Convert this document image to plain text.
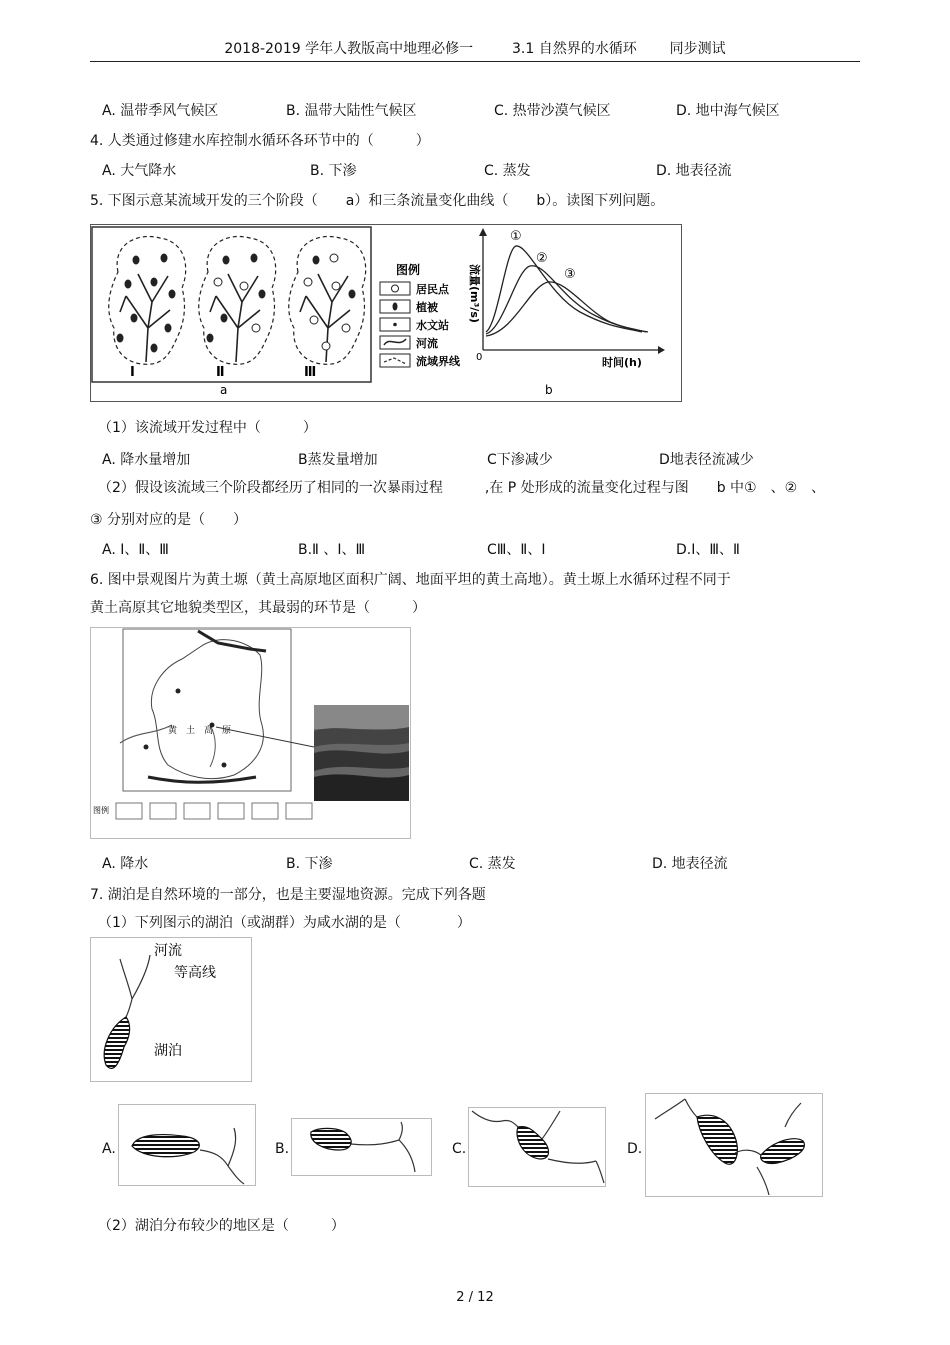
2018-2019 学年人教版高中地理必修一	3.1 自然界的水循环 同步测试
A. 温带季风气候区	B. 温带大陆性气候区	C. 热带沙漠气候区	D. 地中海气候区
4. 人类通过修建水库控制水循环各环节中的（　　　）
A. 大气降水	B. 下渗	C. 蒸发	D. 地表径流
5. 下图示意某流域开发的三个阶段（　　a）和三条流量变化曲线（　　b）。读图下列问题。
Ⅰ	Ⅱ	Ⅲ
图例
居民点
植被
水文站
河流
流域界线 0	时间(h)
流量(m³/s)
①
②
③
a	b
（1）该流域开发过程中（　　　）
A. 降水量增加	B蒸发量增加	C下渗减少	D地表径流减少
（2）假设该流域三个阶段都经历了相同的一次暴雨过程　　　,在 P 处形成的流量变化过程与图　　b 中①　、②　、
③ 分别对应的是（　　）
A. Ⅰ、Ⅱ、Ⅲ	B.Ⅱ 、Ⅰ、Ⅲ	CⅢ、Ⅱ、Ⅰ	D.Ⅰ、Ⅲ、Ⅱ
6. 图中景观图片为黄土塬（黄土高原地区面积广阔、地面平坦的黄土高地）。黄土塬上水循环过程不同于
黄土高原其它地貌类型区，其最弱的环节是（　　　）
黄　土　高　原
图例
A. 降水	B. 下渗	C. 蒸发	D. 地表径流
7. 湖泊是自然环境的一部分，也是主要湿地资源。完成下列各题
（1）下列图示的湖泊（或湖群）为咸水湖的是（　　　　）
河流
等高线
湖泊
A.	B.	C.	D.
（2）湖泊分布较少的地区是（　　　）
2 / 12
